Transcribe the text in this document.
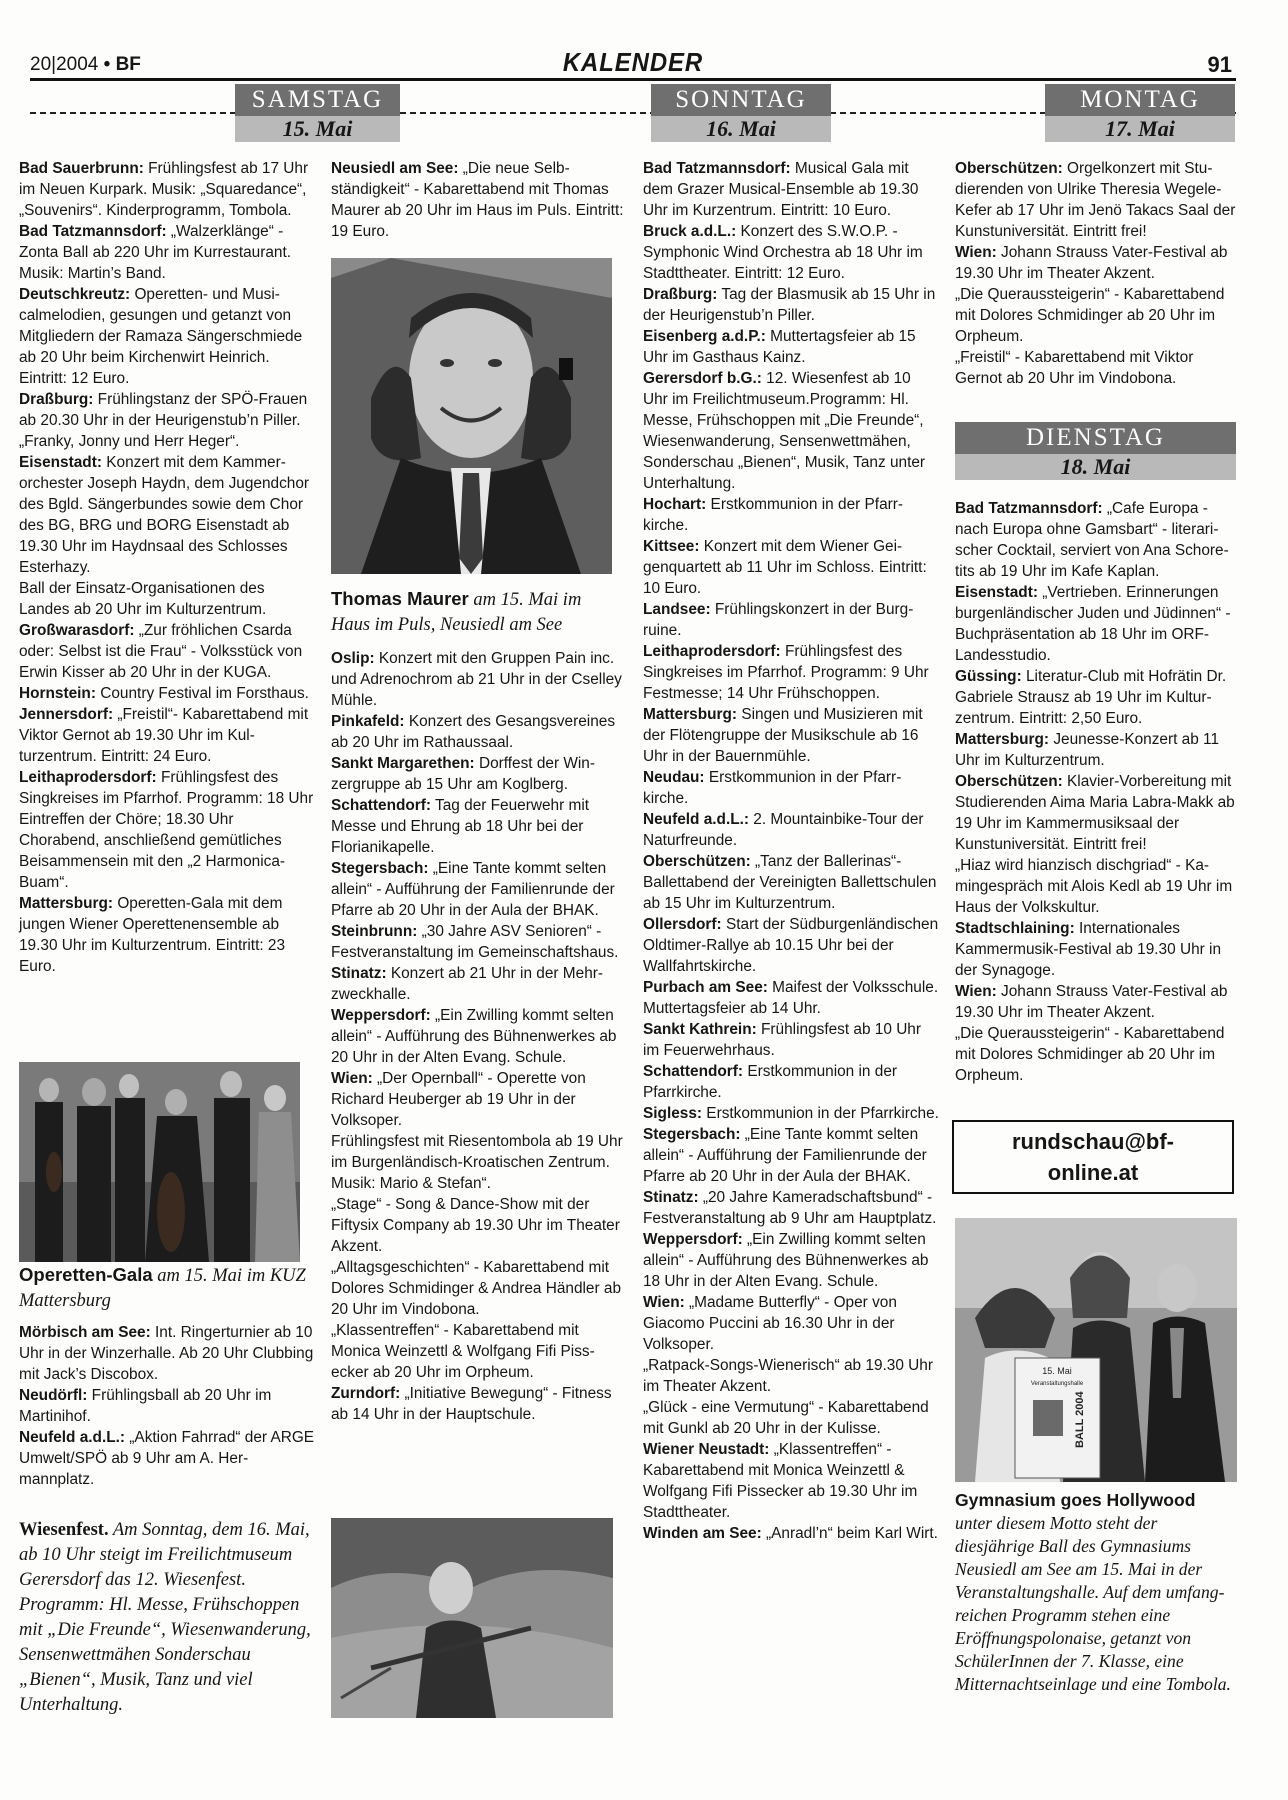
20|2004 • BF	KALENDER	91
SAMSTAG
15. Mai
SONNTAG
16. Mai
MONTAG
17. Mai

Bad Sauerbrunn: Frühlingsfest ab 17 Uhr im Neuen Kurpark. Musik: „Squaredance“, „Souvenirs“. Kinderprogramm, Tombola.

Bad Tatzmannsdorf: „Walzerklänge“ - Zonta Ball ab 220 Uhr im Kurrestaurant. Musik: Martin’s Band.

Deutschkreutz: Operetten- und Musicalmelodien, gesungen und getanzt von Mitgliedern der Ramaza Sängerschmiede ab 20 Uhr beim Kirchenwirt Heinrich. Eintritt: 12 Euro.

Draßburg: Frühlingstanz der SPÖ-Frauen ab 20.30 Uhr in der Heurigenstub’n Piller. „Franky, Jonny und Herr Heger“.

Eisenstadt: Konzert mit dem Kammerorchester Joseph Haydn, dem Jugendchor des Bgld. Sängerbundes sowie dem Chor des BG, BRG und BORG Eisenstadt ab 19.30 Uhr im Haydnsaal des Schlosses Esterhazy.

Ball der Einsatz-Organisationen des Landes ab 20 Uhr im Kulturzentrum.

Großwarasdorf: „Zur fröhlichen Csarda oder: Selbst ist die Frau“ - Volksstück von Erwin Kisser ab 20 Uhr in der KUGA.

Hornstein: Country Festival im Forsthaus.

Jennersdorf: „Freistil“- Kabarettabend mit Viktor Gernot ab 19.30 Uhr im Kulturzentrum. Eintritt: 24 Euro.

Leithaprodersdorf: Frühlingsfest des Singkreises im Pfarrhof. Programm: 18 Uhr Eintreffen der Chöre; 18.30 Uhr Chorabend, anschließend gemütliches Beisammensein mit den „2 Harmonica-Buam“.

Mattersburg: Operetten-Gala mit dem jungen Wiener Operettenensemble ab 19.30 Uhr im Kulturzentrum. Eintritt: 23 Euro.

Mörbisch am See: Int. Ringerturnier ab 10 Uhr in der Winzerhalle. Ab 20 Uhr Clubbing mit Jack’s Discobox.

Neudörfl: Frühlingsball ab 20 Uhr im Martinihof.

Neufeld a.d.L.: „Aktion Fahrrad“ der ARGE Umwelt/SPÖ ab 9 Uhr am A. Hermannplatz.

Neusiedl am See: „Die neue Selbständigkeit“ - Kabarettabend mit Thomas Maurer ab 20 Uhr im Haus im Puls. Eintritt: 19 Euro.

Thomas Maurer am 15. Mai im Haus im Puls, Neusiedl am See

Oslip: Konzert mit den Gruppen Pain inc. und Adrenochrom ab 21 Uhr in der Cselley Mühle.

Pinkafeld: Konzert des Gesangsvereines ab 20 Uhr im Rathaussaal.

Sankt Margarethen: Dorffest der Winzergruppe ab 15 Uhr am Koglberg.

Schattendorf: Tag der Feuerwehr mit Messe und Ehrung ab 18 Uhr bei der Florianikapelle.

Stegersbach: „Eine Tante kommt selten allein“ - Aufführung der Familienrunde der Pfarre ab 20 Uhr in der Aula der BHAK.

Steinbrunn: „30 Jahre ASV Senioren“ - Festveranstaltung im Gemeinschaftshaus.

Stinatz: Konzert ab 21 Uhr in der Mehrzweckhalle.

Weppersdorf: „Ein Zwilling kommt selten allein“ - Aufführung des Bühnenwerkes ab 20 Uhr in der Alten Evang. Schule.

Wien: „Der Opernball“ - Operette von Richard Heuberger ab 19 Uhr in der Volksoper.

Frühlingsfest mit Riesentombola ab 19 Uhr im Burgenländisch-Kroatischen Zentrum. Musik: Mario & Stefan“.

„Stage“ - Song & Dance-Show mit der Fiftysix Company ab 19.30 Uhr im Theater Akzent.

„Alltagsgeschichten“ - Kabarettabend mit Dolores Schmidinger & Andrea Händler ab 20 Uhr im Vindobona.

„Klassentreffen“ - Kabarettabend mit Monica Weinzettl & Wolfgang Fifi Pissecker ab 20 Uhr im Orpheum.

Zurndorf: „Initiative Bewegung“ - Fitness ab 14 Uhr in der Hauptschule.

Bad Tatzmannsdorf: Musical Gala mit dem Grazer Musical-Ensemble ab 19.30 Uhr im Kurzentrum. Eintritt: 10 Euro.

Bruck a.d.L.: Konzert des S.W.O.P. - Symphonic Wind Orchestra ab 18 Uhr im Stadttheater. Eintritt: 12 Euro.

Draßburg: Tag der Blasmusik ab 15 Uhr in der Heurigenstub’n Piller.

Eisenberg a.d.P.: Muttertagsfeier ab 15 Uhr im Gasthaus Kainz.

Gerersdorf b.G.: 12. Wiesenfest ab 10 Uhr im Freilichtmuseum.Programm: Hl. Messe, Frühschoppen mit „Die Freunde“, Wiesenwanderung, Sensenwettmähen, Sonderschau „Bienen“, Musik, Tanz unter Unterhaltung.

Hochart: Erstkommunion in der Pfarrkirche.

Kittsee: Konzert mit dem Wiener Geigenquartett ab 11 Uhr im Schloss. Eintritt: 10 Euro.

Landsee: Frühlingskonzert in der Burgruine.

Leithaprodersdorf: Frühlingsfest des Singkreises im Pfarrhof. Programm: 9 Uhr Festmesse; 14 Uhr Frühschoppen.

Mattersburg: Singen und Musizieren mit der Flötengruppe der Musikschule ab 16 Uhr in der Bauernmühle.

Neudau: Erstkommunion in der Pfarrkirche.

Neufeld a.d.L.: 2. Mountainbike-Tour der Naturfreunde.

Oberschützen: „Tanz der Ballerinas“- Ballettabend der Vereinigten Ballettschulen ab 15 Uhr im Kulturzentrum.

Ollersdorf: Start der Südburgenländischen Oldtimer-Rallye ab 10.15 Uhr bei der Wallfahrtskirche.

Purbach am See: Maifest der Volksschule.

Muttertagsfeier ab 14 Uhr.

Sankt Kathrein: Frühlingsfest ab 10 Uhr im Feuerwehrhaus.

Schattendorf: Erstkommunion in der Pfarrkirche.

Sigless: Erstkommunion in der Pfarrkirche.

Stegersbach: „Eine Tante kommt selten allein“ - Aufführung der Familienrunde der Pfarre ab 20 Uhr in der Aula der BHAK.

Stinatz: „20 Jahre Kameradschaftsbund“ - Festveranstaltung ab 9 Uhr am Hauptplatz.

Weppersdorf: „Ein Zwilling kommt selten allein“ - Aufführung des Bühnenwerkes ab 18 Uhr in der Alten Evang. Schule.

Wien: „Madame Butterfly“ - Oper von Giacomo Puccini ab 16.30 Uhr in der Volksoper.

„Ratpack-Songs-Wienerisch“ ab 19.30 Uhr im Theater Akzent.

„Glück - eine Vermutung“ - Kabarettabend mit Gunkl ab 20 Uhr in der Kulisse.

Wiener Neustadt: „Klassentreffen“ - Kabarettabend mit Monica Weinzettl & Wolfgang Fifi Pissecker ab 19.30 Uhr im Stadttheater.

Winden am See: „Anradl’n“ beim Karl Wirt.

Oberschützen: Orgelkonzert mit Studierenden von Ulrike Theresia Wegele-Kefer ab 17 Uhr im Jenö Takacs Saal der Kunstuniversität. Eintritt frei!

Wien: Johann Strauss Vater-Festival ab 19.30 Uhr im Theater Akzent.

„Die Queraussteigerin“ - Kabarettabend mit Dolores Schmidinger ab 20 Uhr im Orpheum.

„Freistil“ - Kabarettabend mit Viktor Gernot ab 20 Uhr im Vindobona.

DIENSTAG
18. Mai

Bad Tatzmannsdorf: „Cafe Europa - nach Europa ohne Gamsbart“ - literarischer Cocktail, serviert von Ana Schoretits ab 19 Uhr im Kafe Kaplan.

Eisenstadt: „Vertrieben. Erinnerungen burgenländischer Juden und Jüdinnen“ - Buchpräsentation ab 18 Uhr im ORF-Landesstudio.

Güssing: Literatur-Club mit Hofrätin Dr. Gabriele Strausz ab 19 Uhr im Kulturzentrum. Eintritt: 2,50 Euro.

Mattersburg: Jeunesse-Konzert ab 11 Uhr im Kulturzentrum.

Oberschützen: Klavier-Vorbereitung mit Studierenden Aima Maria Labra-Makk ab 19 Uhr im Kammermusiksaal der Kunstuniversität. Eintritt frei!

„Hiaz wird hianzisch dischgriad“ - Kamingespräch mit Alois Kedl ab 19 Uhr im Haus der Volkskultur.

Stadtschlaining: Internationales Kammermusik-Festival ab 19.30 Uhr in der Synagoge.

Wien: Johann Strauss Vater-Festival ab 19.30 Uhr im Theater Akzent.

„Die Queraussteigerin“ - Kabarettabend mit Dolores Schmidinger ab 20 Uhr im Orpheum.

rundschau@bf-
online.at
15. Mai
Veranstaltungshalle
BALL 2004
Gymnasium goes Hollywood unter diesem Motto steht der diesjährige Ball des Gymnasiums Neusiedl am See am 15. Mai in der Veranstaltungshalle. Auf dem umfangreichen Programm stehen eine Eröffnungspolonaise, getanzt von SchülerInnen der 7. Klasse, eine Mitternachtseinlage und eine Tombola.
Operetten-Gala am 15. Mai im KUZ Mattersburg
Wiesenfest. Am Sonntag, dem 16. Mai, ab 10 Uhr steigt im Freilichtmuseum Gerersdorf das 12. Wiesenfest. Programm: Hl. Messe, Frühschoppen mit „Die Freunde“, Wiesenwanderung, Sensenwettmähen Sonderschau „Bienen“, Musik, Tanz und viel Unterhaltung.
